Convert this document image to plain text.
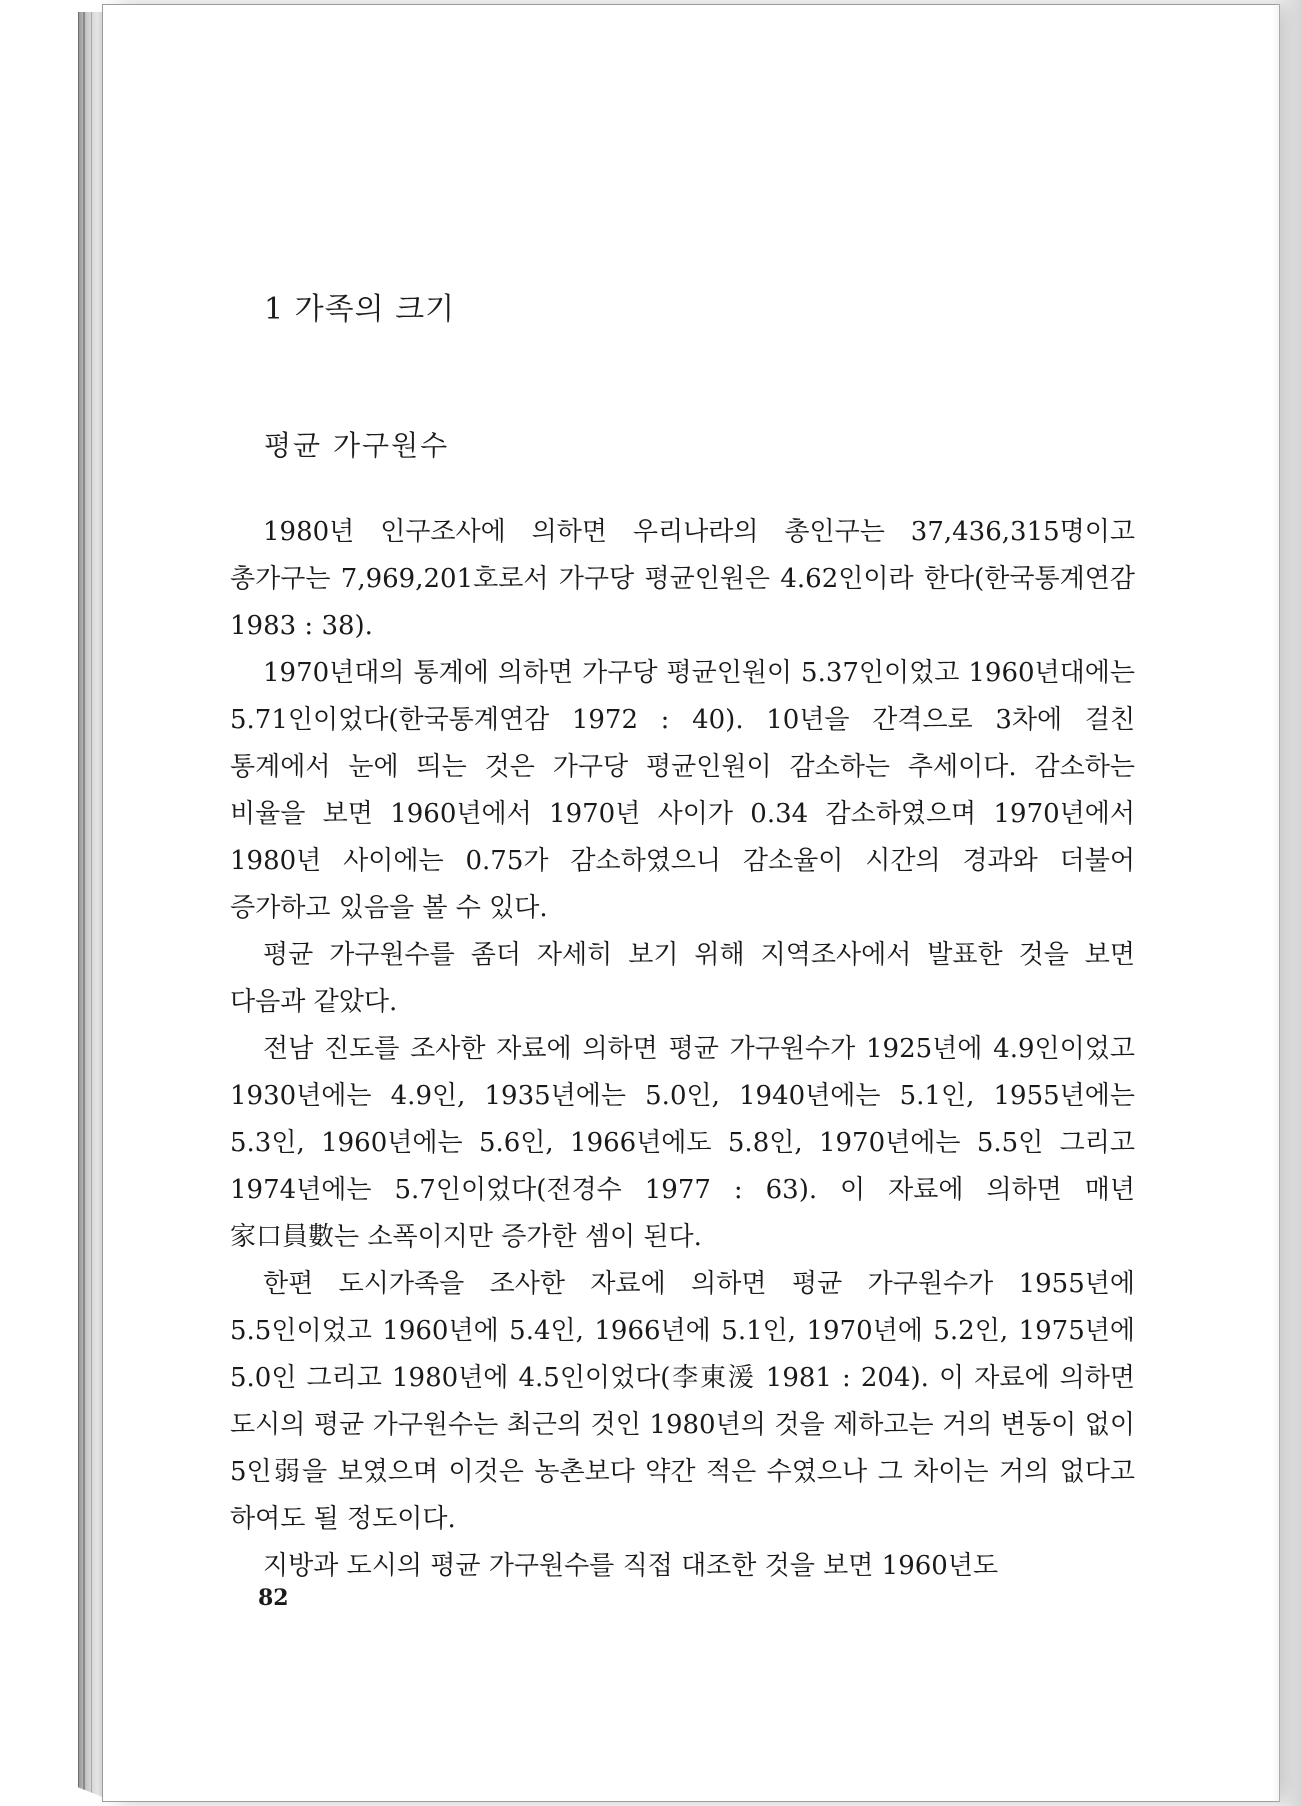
1 가족의 크기
평균 가구원수

1980년 인구조사에 의하면 우리나라의 총인구는 37,436,315명이고 총가구는 7,969,201호로서 가구당 평균인원은 4.62인이라 한다(한국통계연감 1983 : 38).

1970년대의 통계에 의하면 가구당 평균인원이 5.37인이었고 1960년대에는 5.71인이었다(한국통계연감 1972 : 40). 10년을 간격으로 3차에 걸친 통계에서 눈에 띄는 것은 가구당 평균인원이 감소하는 추세이다. 감소하는 비율을 보면 1960년에서 1970년 사이가 0.34 감소하였으며 1970년에서 1980년 사이에는 0.75가 감소하였으니 감소율이 시간의 경과와 더불어 증가하고 있음을 볼 수 있다.

평균 가구원수를 좀더 자세히 보기 위해 지역조사에서 발표한 것을 보면 다음과 같았다.

전남 진도를 조사한 자료에 의하면 평균 가구원수가 1925년에 4.9인이었고 1930년에는 4.9인, 1935년에는 5.0인, 1940년에는 5.1인, 1955년에는 5.3인, 1960년에는 5.6인, 1966년에도 5.8인, 1970년에는 5.5인 그리고 1974년에는 5.7인이었다(전경수 1977 : 63). 이 자료에 의하면 매년 家口員數는 소폭이지만 증가한 셈이 된다.

한편 도시가족을 조사한 자료에 의하면 평균 가구원수가 1955년에 5.5인이었고 1960년에 5.4인, 1966년에 5.1인, 1970년에 5.2인, 1975년에 5.0인 그리고 1980년에 4.5인이었다(李東湲 1981 : 204). 이 자료에 의하면 도시의 평균 가구원수는 최근의 것인 1980년의 것을 제하고는 거의 변동이 없이 5인弱을 보였으며 이것은 농촌보다 약간 적은 수였으나 그 차이는 거의 없다고 하여도 될 정도이다.

지방과 도시의 평균 가구원수를 직접 대조한 것을 보면 1960년도

82
